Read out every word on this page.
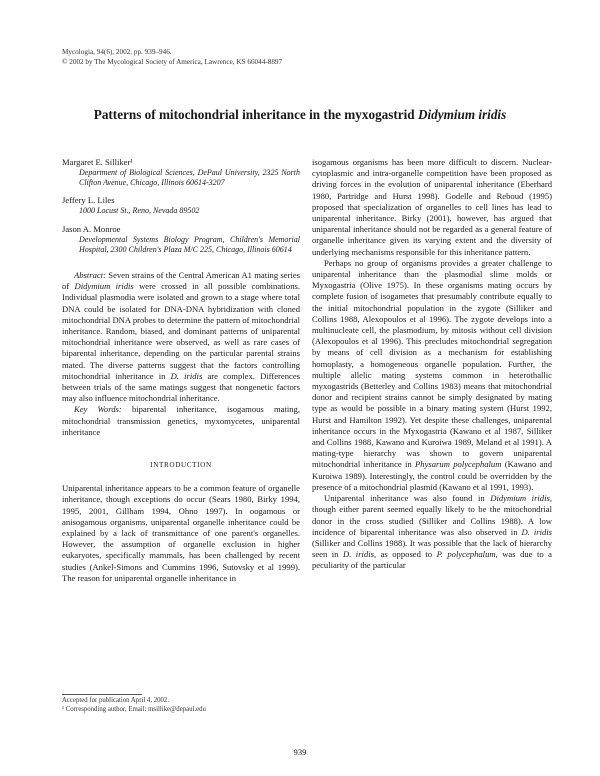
Mycologia, 94(6), 2002, pp. 939–946.
© 2002 by The Mycological Society of America, Lawrence, KS 66044-8897
Patterns of mitochondrial inheritance in the myxogastrid Didymium iridis
Margaret E. Silliker¹
Department of Biological Sciences, DePaul University, 2325 North Clifton Avenue, Chicago, Illinois 60614-3207
Jeffery L. Liles
1000 Locust St., Reno, Nevada 89502
Jason A. Monroe
Developmental Systems Biology Program, Children's Memorial Hospital, 2300 Children's Plaza M/C 225, Chicago, Illinois 60614

Abstract: Seven strains of the Central American A1 mating series of Didymium iridis were crossed in all possible combinations. Individual plasmodia were isolated and grown to a stage where total DNA could be isolated for DNA-DNA hybridization with cloned mitochondrial DNA probes to determine the pattern of mitochondrial inheritance. Random, biased, and dominant patterns of uniparental mitochondrial inheritance were observed, as well as rare cases of biparental inheritance, depending on the particular parental strains mated. The diverse patterns suggest that the factors controlling mitochondrial inheritance in D. iridis are complex. Differences between trials of the same matings suggest that nongenetic factors may also influence mitochondrial inheritance.

Key Words: biparental inheritance, isogamous mating, mitochondrial transmission genetics, myxomycetes, uniparental inheritance

INTRODUCTION

Uniparental inheritance appears to be a common feature of organelle inheritance, though exceptions do occur (Sears 1980, Birky 1994, 1995, 2001, Gillham 1994, Ohno 1997). In oogamous or anisogamous organisms, uniparental organelle inheritance could be explained by a lack of transmittance of one parent's organelles. However, the assumption of organelle exclusion in higher eukaryotes, specifically mammals, has been challenged by recent studies (Ankel-Simons and Cummins 1996, Sutovsky et al 1999). The reason for uniparental organelle inheritance in

isogamous organisms has been more difficult to discern. Nuclear-cytoplasmic and intra-organelle competition have been proposed as driving forces in the evolution of uniparental inheritance (Eberhard 1980, Partridge and Hurst 1998). Godelle and Reboud (1995) proposed that specialization of organelles to cell lines has lead to uniparental inheritance. Birky (2001), however, has argued that uniparental inheritance should not be regarded as a general feature of organelle inheritance given its varying extent and the diversity of underlying mechanisms responsible for this inheritance pattern.

Perhaps no group of organisms provides a greater challenge to uniparental inheritance than the plasmodial slime molds or Myxogastria (Olive 1975). In these organisms mating occurs by complete fusion of isogametes that presumably contribute equally to the initial mitochondrial population in the zygote (Silliker and Collins 1988, Alexopoulos et al 1996). The zygote develops into a multinucleate cell, the plasmodium, by mitosis without cell division (Alexopoulos et al 1996). This precludes mitochondrial segregation by means of cell division as a mechanism for establishing homoplasty, a homogeneous organelle population. Further, the multiple allelic mating systems common in heterothallic myxogastrids (Betterley and Collins 1983) means that mitochondrial donor and recipient strains cannot be simply designated by mating type as would be possible in a binary mating system (Hurst 1992, Hurst and Hamilton 1992). Yet despite these challenges, uniparental inheritance occurs in the Myxogastria (Kawano et al 1987, Silliker and Collins 1988, Kawano and Kuroiwa 1989, Meland et al 1991). A mating-type hierarchy was shown to govern uniparental mitochondrial inheritance in Physarum polycephalum (Kawano and Kuroiwa 1989). Interestingly, the control could be overridden by the presence of a mitochondrial plasmid (Kawano et al 1991, 1993).

Uniparental inheritance was also found in Didymium iridis, though either parent seemed equally likely to be the mitochondrial donor in the cross studied (Silliker and Collins 1988). A low incidence of biparental inheritance was also observed in D. iridis (Silliker and Collins 1988). It was possible that the lack of hierarchy seen in D. iridis, as opposed to P. polycephalum, was due to a peculiarity of the particular

Accepted for publication April 4, 2002.
¹ Corresponding author, Email: msillike@depaul.edu
939
